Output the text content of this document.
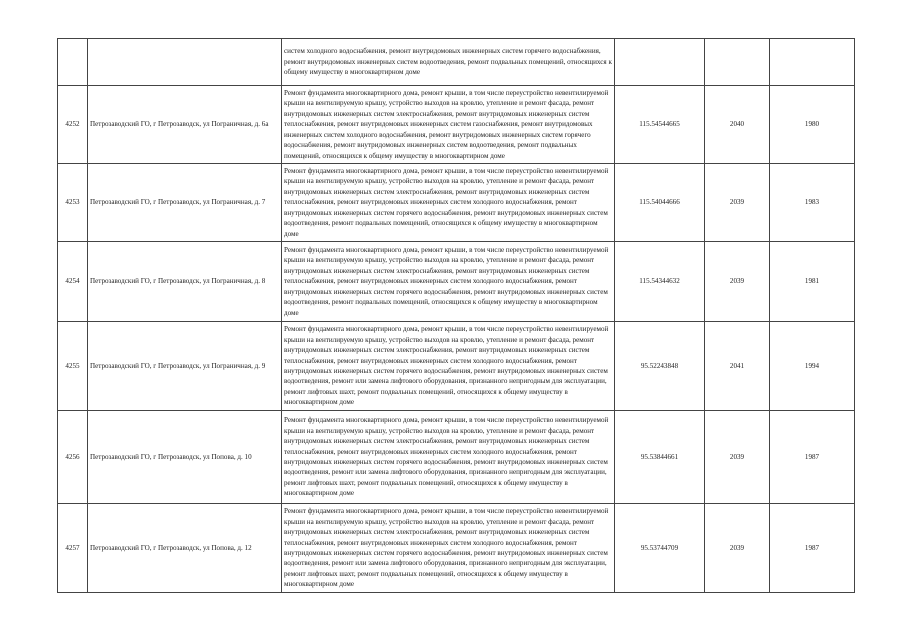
		систем холодного водоснабжения, ремонт внутридомовых инженерных систем горячего водоснабжения, ремонт внутридомовых инженерных систем водоотведения, ремонт подвальных помещений, относящихся к общему имуществу в многоквартирном доме			

4252	Петрозаводский ГО, г Петрозаводск, ул Пограничная, д. 6а	Ремонт фундамента многоквартирного дома, ремонт крыши, в том числе переустройство невентилируемой крыши на вентилируемую крышу, устройство выходов на кровлю, утепление и ремонт фасада, ремонт внутридомовых инженерных систем электроснабжения, ремонт внутридомовых инженерных систем теплоснабжения, ремонт внутридомовых инженерных систем газоснабжения, ремонт внутридомовых инженерных систем холодного водоснабжения, ремонт внутридомовых инженерных систем горячего водоснабжения, ремонт внутридомовых инженерных систем водоотведения, ремонт подвальных помещений, относящихся к общему имуществу в многоквартирном доме	115.54544665	2040	1980
4253	Петрозаводский ГО, г Петрозаводск, ул Пограничная, д. 7	Ремонт фундамента многоквартирного дома, ремонт крыши, в том числе переустройство невентилируемой крыши на вентилируемую крышу, устройство выходов на кровлю, утепление и ремонт фасада, ремонт внутридомовых инженерных систем электроснабжения, ремонт внутридомовых инженерных систем теплоснабжения, ремонт внутридомовых инженерных систем холодного водоснабжения, ремонт внутридомовых инженерных систем горячего водоснабжения, ремонт внутридомовых инженерных систем водоотведения, ремонт подвальных помещений, относящихся к общему имуществу в многоквартирном доме	115.54044666	2039	1983
4254	Петрозаводский ГО, г Петрозаводск, ул Пограничная, д. 8	Ремонт фундамента многоквартирного дома, ремонт крыши, в том числе переустройство невентилируемой крыши на вентилируемую крышу, устройство выходов на кровлю, утепление и ремонт фасада, ремонт внутридомовых инженерных систем электроснабжения, ремонт внутридомовых инженерных систем теплоснабжения, ремонт внутридомовых инженерных систем холодного водоснабжения, ремонт внутридомовых инженерных систем горячего водоснабжения, ремонт внутридомовых инженерных систем водоотведения, ремонт подвальных помещений, относящихся к общему имуществу в многоквартирном доме	115.54344632	2039	1981
4255	Петрозаводский ГО, г Петрозаводск, ул Пограничная, д. 9	Ремонт фундамента многоквартирного дома, ремонт крыши, в том числе переустройство невентилируемой крыши на вентилируемую крышу, устройство выходов на кровлю, утепление и ремонт фасада, ремонт внутридомовых инженерных систем электроснабжения, ремонт внутридомовых инженерных систем теплоснабжения, ремонт внутридомовых инженерных систем холодного водоснабжения, ремонт внутридомовых инженерных систем горячего водоснабжения, ремонт внутридомовых инженерных систем водоотведения, ремонт или замена лифтового оборудования, признанного непригодным для эксплуатации, ремонт лифтовых шахт, ремонт подвальных помещений, относящихся к общему имуществу в многоквартирном доме	95.52243848	2041	1994
4256	Петрозаводский ГО, г Петрозаводск, ул Попова, д. 10	Ремонт фундамента многоквартирного дома, ремонт крыши, в том числе переустройство невентилируемой крыши на вентилируемую крышу, устройство выходов на кровлю, утепление и ремонт фасада, ремонт внутридомовых инженерных систем электроснабжения, ремонт внутридомовых инженерных систем теплоснабжения, ремонт внутридомовых инженерных систем холодного водоснабжения, ремонт внутридомовых инженерных систем горячего водоснабжения, ремонт внутридомовых инженерных систем водоотведения, ремонт или замена лифтового оборудования, признанного непригодным для эксплуатации, ремонт лифтовых шахт, ремонт подвальных помещений, относящихся к общему имуществу в многоквартирном доме	95.53844661	2039	1987
4257	Петрозаводский ГО, г Петрозаводск, ул Попова, д. 12	Ремонт фундамента многоквартирного дома, ремонт крыши, в том числе переустройство невентилируемой крыши на вентилируемую крышу, устройство выходов на кровлю, утепление и ремонт фасада, ремонт внутридомовых инженерных систем электроснабжения, ремонт внутридомовых инженерных систем теплоснабжения, ремонт внутридомовых инженерных систем холодного водоснабжения, ремонт внутридомовых инженерных систем горячего водоснабжения, ремонт внутридомовых инженерных систем водоотведения, ремонт или замена лифтового оборудования, признанного непригодным для эксплуатации, ремонт лифтовых шахт, ремонт подвальных помещений, относящихся к общему имуществу в многоквартирном доме	95.53744709	2039	1987
